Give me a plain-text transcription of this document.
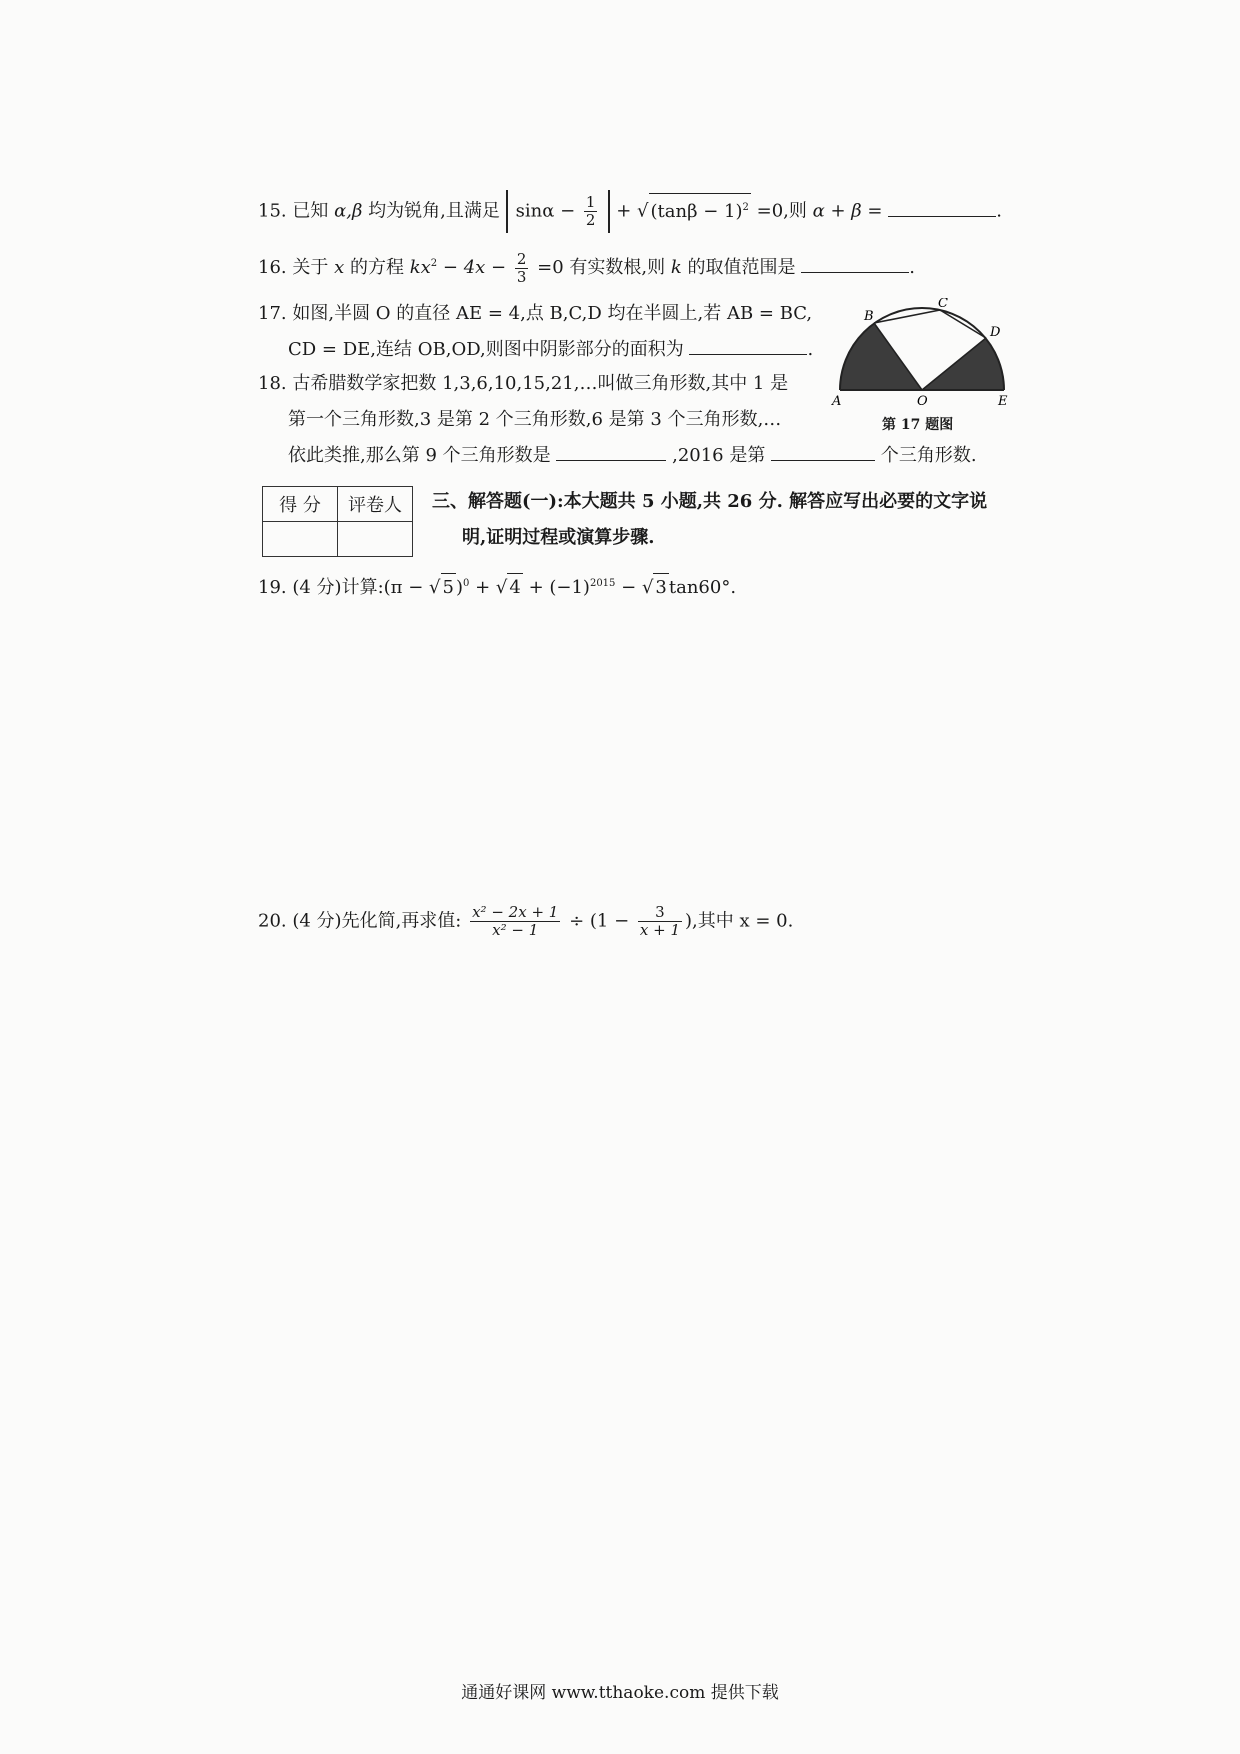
15. 已知 α,β 均为锐角,且满足 $\sin\alpha - \frac{1}{2}$ + √ $(\tan\beta - 1)^2 =0$,则 α + β =	.
16. 关于 x 的方程 $kx^2 - 4x - \frac{2}{3} =0$ 有实数根,则 k 的取值范围是	.
17. 如图,半圆 O 的直径 AE = 4,点 B,C,D 均在半圆上,若 AB = BC,
CD = DE,连结 OB,OD,则图中阴影部分的面积为	.
A
B
C
D
O	E
第 17 题图
18. 古希腊数学家把数 1,3,6,10,15,21,…叫做三角形数,其中 1 是
第一个三角形数,3 是第 2 个三角形数,6 是第 3 个三角形数,…
依此类推,那么第 9 个三角形数是	,2016 是第	个三角形数.
得 分	评卷人
	三、解答题(一):本大题共 5 小题,共 26 分. 解答应写出必要的文字说
明,证明过程或演算步骤.
19. (4 分)计算:(π − √ 5 )$^0$ + √ $4 + (-1)^{2015}$ − √ 3 tan60°.
20. (4 分)先化简,再求值: $\frac{\text{x² − 2x + 1}}{\text{x² − 1}} \div (1 - \frac{3}{x + 1}$ ),其中 x = 0.
通通好课网 www.tthaoke.com 提供下载
